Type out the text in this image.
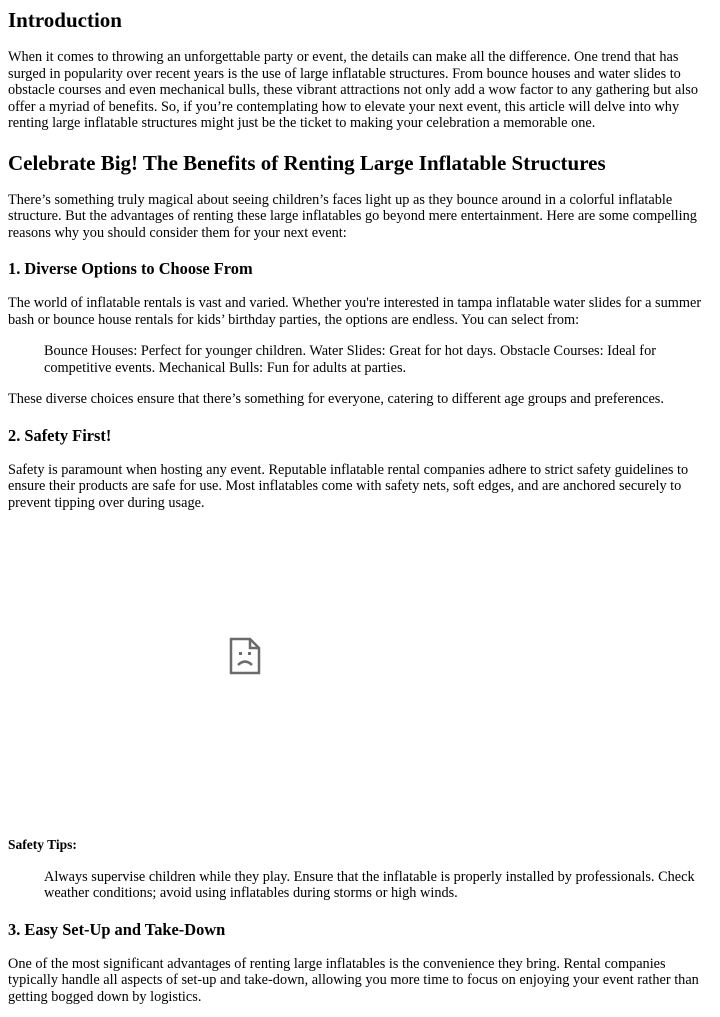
Introduction

When it comes to throwing an unforgettable party or event, the details can make all the difference. One trend that has surged in popularity over recent years is the use of large inflatable structures. From bounce houses and water slides to obstacle courses and even mechanical bulls, these vibrant attractions not only add a wow factor to any gathering but also offer a myriad of benefits. So, if you’re contemplating how to elevate your next event, this article will delve into why renting large inflatable structures might just be the ticket to making your celebration a memorable one.

Celebrate Big! The Benefits of Renting Large Inflatable Structures

There’s something truly magical about seeing children’s faces light up as they bounce around in a colorful inflatable structure. But the advantages of renting these large inflatables go beyond mere entertainment. Here are some compelling reasons why you should consider them for your next event:

1. Diverse Options to Choose From

The world of inflatable rentals is vast and varied. Whether you're interested in tampa inflatable water slides for a summer bash or bounce house rentals for kids’ birthday parties, the options are endless. You can select from:

Bounce Houses: Perfect for younger children. Water Slides: Great for hot days. Obstacle Courses: Ideal for competitive events. Mechanical Bulls: Fun for adults at parties.

These diverse choices ensure that there’s something for everyone, catering to different age groups and preferences.

2. Safety First!

Safety is paramount when hosting any event. Reputable inflatable rental companies adhere to strict safety guidelines to ensure their products are safe for use. Most inflatables come with safety nets, soft edges, and are anchored securely to prevent tipping over during usage.

Safety Tips:

Always supervise children while they play. Ensure that the inflatable is properly installed by professionals. Check weather conditions; avoid using inflatables during storms or high winds.
3. Easy Set-Up and Take-Down

One of the most significant advantages of renting large inflatables is the convenience they bring. Rental companies typically handle all aspects of set-up and take-down, allowing you more time to focus on enjoying your event rather than getting bogged down by logistics.
